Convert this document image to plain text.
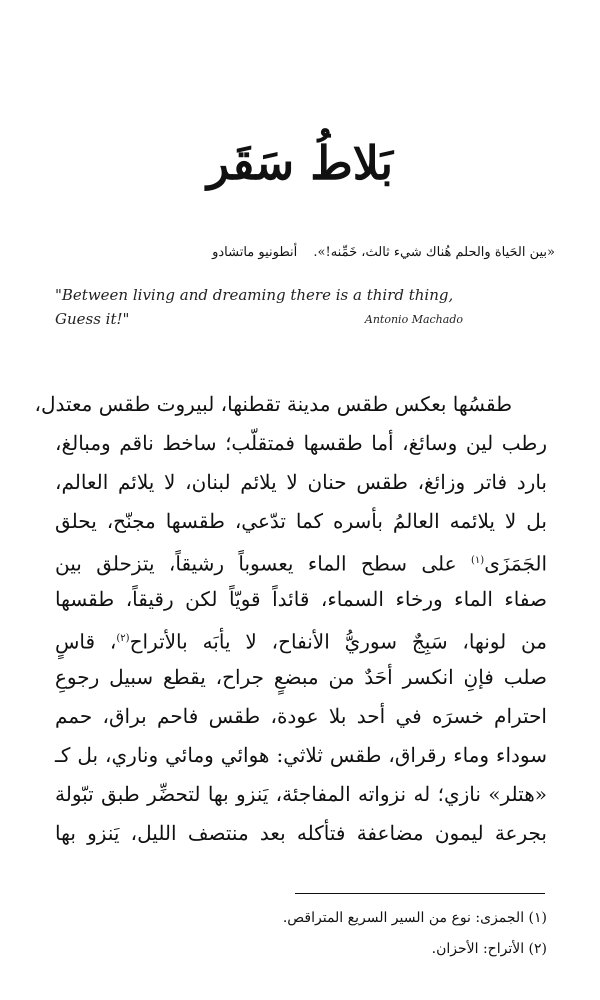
بَلاطُ سَقَر
«بين الحَياة والحلم هُناك شيء ثالث، خَمِّنه!». أنطونيو ماتشادو
"Between living and dreaming there is a third thing,
Guess it!"	Antonio Machado
طقسُها بعكس طقس مدينة تقطنها، لبيروت طقس معتدل،
رطب لين وسائغ، أما طقسها فمتقلّب؛ ساخط ناقم ومبالغ،
بارد فاتر وزائغ، طقس حنان لا يلائم لبنان، لا يلائم العالم،
بل لا يلائمه العالمُ بأسره كما تدّعي، طقسها مجنّح، يحلق
الجَمَزَى$^{(١)}$ على سطح الماء يعسوباً رشيقاً، يتزحلق بين
صفاء الماء ورخاء السماء، قائداً قويّاً لكن رقيقاً، طقسها
من لونها، سَبِجٌ سوريُّ الأنفاح، لا يأبَه بالأتراح$^{(٢)}$، قاسٍ
صلب فإنِ انكسر أحَدٌ من مبضعٍ جراح، يقطع سبيل رجوعِ
احترام خسرَه في أحد بلا عودة، طقس فاحم براق، حمم
سوداء وماء رقراق، طقس ثلاثي: هوائي ومائي وناري، بل كـ
«هتلر» نازي؛ له نزواته المفاجئة، يَنزو بها لتحضِّر طبق تبّولة
بجرعة ليمون مضاعفة فتأكله بعد منتصف الليل، يَنزو بها
(١) الجمزى: نوع من السير السريع المتراقص.
(٢) الأتراح: الأحزان.
